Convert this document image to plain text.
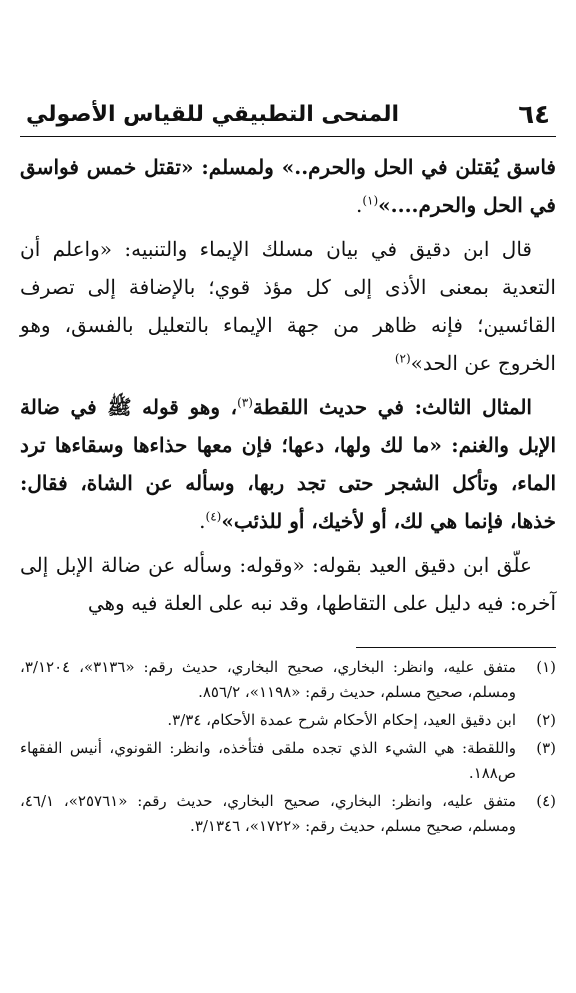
٦٤
المنحى التطبيقي للقياس الأصولي

فاسق يُقتلن في الحل والحرم..» ولمسلم: «تقتل خمس فواسق في الحل والحرم....»$^{(١)}$.

قال ابن دقيق في بيان مسلك الإيماء والتنبيه: «واعلم أن التعدية بمعنى الأذى إلى كل مؤذ قوي؛ بالإضافة إلى تصرف القائسين؛ فإنه ظاهر من جهة الإيماء بالتعليل بالفسق، وهو الخروج عن الحد»$^{(٢)}$

المثال الثالث: في حديث اللقطة$^{(٣)}$، وهو قوله ﷺ في ضالة الإبل والغنم: «ما لك ولها، دعها؛ فإن معها حذاءها وسقاءها ترد الماء، وتأكل الشجر حتى تجد ربها، وسأله عن الشاة، فقال: خذها، فإنما هي لك، أو لأخيك، أو للذئب»$^{(٤)}$.

علّق ابن دقيق العيد بقوله: «وقوله: وسأله عن ضالة الإبل إلى آخره: فيه دليل على التقاطها، وقد نبه على العلة فيه وهي

(١)
متفق عليه، وانظر: البخاري، صحيح البخاري، حديث رقم: «٣١٣٦»، ٣/١٢٠٤، ومسلم، صحيح مسلم، حديث رقم: «١١٩٨»، ٨٥٦/٢.
(٢)
ابن دقيق العيد، إحكام الأحكام شرح عمدة الأحكام، ٣/٣٤.
(٣)
واللقطة: هي الشيء الذي تجده ملقى فتأخذه، وانظر: القونوي، أنيس الفقهاء ص١٨٨.
(٤)
متفق عليه، وانظر: البخاري، صحيح البخاري، حديث رقم: «٢٥٧٦١»، ٤٦/١، ومسلم، صحيح مسلم، حديث رقم: «١٧٢٢»، ٣/١٣٤٦.
